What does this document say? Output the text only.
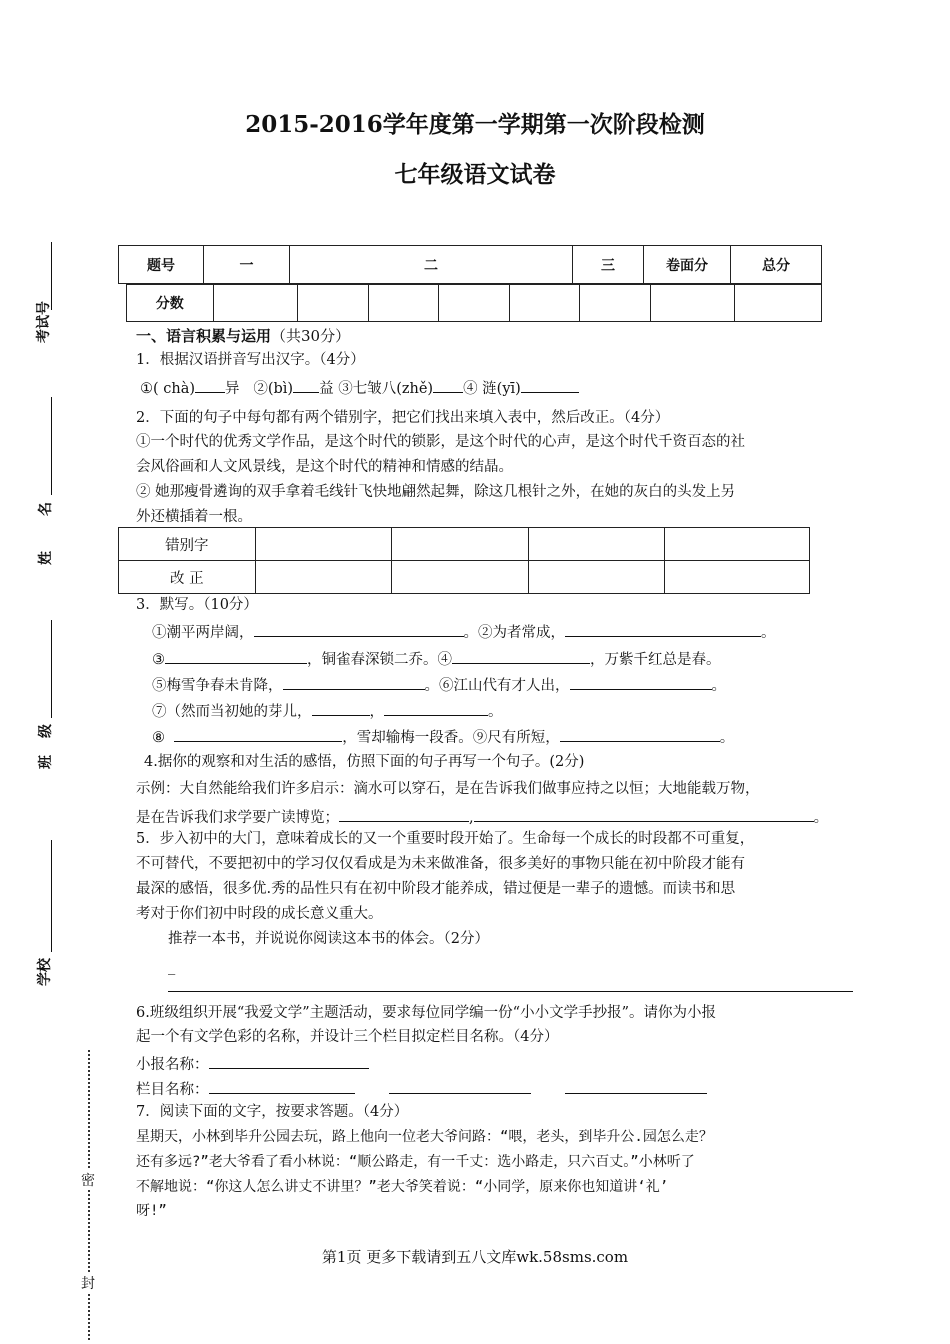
2015-2016学年度第一学期第一次阶段检测
七年级语文试卷
考试号
名
姓
级
班
学校
密
封
题号	一	二	三	卷面分	总分
分数								
一、语言积累与运用（共30分）
1．根据汉语拼音写出汉字。（4分）
①( chà) 异 ②(bì) 益 ③七皱八(zhě) ④ 涟(yī)
2．下面的句子中每句都有两个错别字，把它们找出来填入表中，然后改正。（4分）
①一个时代的优秀文学作品，是这个时代的锁影，是这个时代的心声，是这个时代千资百态的社
会风俗画和人文风景线，是这个时代的精神和情感的结晶。
② 她那瘦骨遴询的双手拿着毛线针飞快地翩然起舞，除这几根针之外，在她的灰白的头发上另
外还横插着一根。
错别字				
改 正				
3．默写。（10分）
①潮平两岸阔，	。②为者常成，	。
③	，铜雀春深锁二乔。④	，万紫千红总是春。
⑤梅雪争春未肯降，	。⑥江山代有才人出，	。
⑦（然而当初她的芽儿，	，	。
⑧	，雪却输梅一段香。⑨尺有所短，	。
4.据你的观察和对生活的感悟，仿照下面的句子再写一个句子。(2分)
示例：大自然能给我们许多启示：滴水可以穿石，是在告诉我们做事应持之以恒；大地能载万物，
是在告诉我们求学要广读博览；	,	。
5．步入初中的大门，意味着成长的又一个重要时段开始了。生命每一个成长的时段都不可重复，
不可替代，不要把初中的学习仅仅看成是为未来做准备，很多美好的事物只能在初中阶段才能有
最深的感悟，很多优.秀的品性只有在初中阶段才能养成，错过便是一辈子的遗憾。而读书和思
考对于你们初中时段的成长意义重大。
推荐一本书，并说说你阅读这本书的体会。（2分）
_
6.班级组织开展“我爱文学”主题活动，要求每位同学编一份“小小文学手抄报”。请你为小报
起一个有文学色彩的名称，并设计三个栏目拟定栏目名称。（4分）
小报名称：
栏目名称：
7．阅读下面的文字，按要求答题。（4分）
星期天，小林到毕升公园去玩，路上他向一位老大爷问路：“喂，老头，到毕升公.园怎么走？
还有多远?”老大爷看了看小林说：“顺公路走，有一千丈：选小路走，只六百丈。”小林听了
不解地说：“你这人怎么讲丈不讲里？”老大爷笑着说：“小同学，原来你也知道讲‘礼’
呀!”
第1页 更多下载请到五八文库wk.58sms.com
